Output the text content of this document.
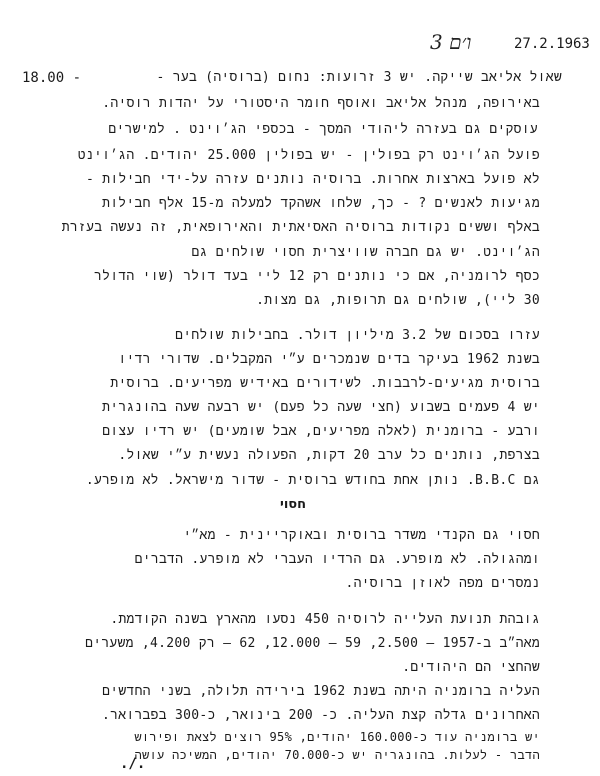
ו׳ם 3	27.2.1963
18.00 -	שאול אליאב שייקה. יש 3 זרועות: נחום (ברוסיה) בער -
באירופה, מנהל אליאב ואוסף חומר היסטורי על יהדות רוסיה.
עוסקים גם בעזרה ליהודי המסך - בכספי הג׳וינט . למישרים
פועל הג׳וינט רק בפולין - יש בפולין 25.000 יהודים. הג׳וינט
לא פועל בארצות אחרות. ברוסיה נותנים עזרה על-ידי חבילות -
מגיעות לאנשים ? - כך, שלחו אשהקד למעלה מ-15 אלף חבילות
באלף וששים נקודות ברוסיה האסיאתית והאירופאית, זה נעשה בעזרת
הג׳וינט. יש גם חברה שוויצרית חסוי שולחים גם
כסף לרומניה, אם כי נותנים רק 12 ליי בעד דולר (שוי הדולר
30 ליי), שולחים גם תרופות, גם מצות.
עזרו בסכום של 3.2 מיליון דולר. בחבילות שולחים
בשנת 1962 בעיקר בדים שנמכרים ע״י המקבלים. שדורי רדיו
ברוסית מגיעים-לרבבות. לשידורים באידיש מפריעים. ברוסית
יש 4 פעמים בשבוע (חצי שעה כל פעם) יש רבעה שעה בהונגרית
ורבע - ברומנית (לאלה מפריעים, אבל שומעים) יש רדיו עצום
בצרפת, נותנים כל ערב 20 דקות, הפעולה נעשית ע״י שאול.
גם B.B.C. נותן אחת בחודש ברוסית - שדור מישראל. לא מופרע.
חסוי
חסוי גם הקנדי משדר ברוסית ובאוקריינית - מא״י
ומהגולה. לא מופרע. גם הרדיו העברי לא מופרע. הדברים
נמסרים מפה לאוזן ברוסיה.
גובהת תנועת העלייה לרוסיה 450 נסעו מהארץ בשנה הקודמת.
מאה״ב ב-1957 – 2.500, 59 – 12.000, 62 – רק 4.200, משערים
שהחצי הם היהודים.
העליה ברומניה היתה בשנת 1962 בירידה תלולה, בשני החדשים
האחרונים גדלה קצת העליה. כ- 200 בינואר, כ-300 בפברואר.
יש ברומניה עוד כ-160.000 יהודים, 95% רוצים לצאת ופירוש
הדבר - לעלות. בהונגריה יש כ-70.000 יהודים, המשיכה עושה
./.
